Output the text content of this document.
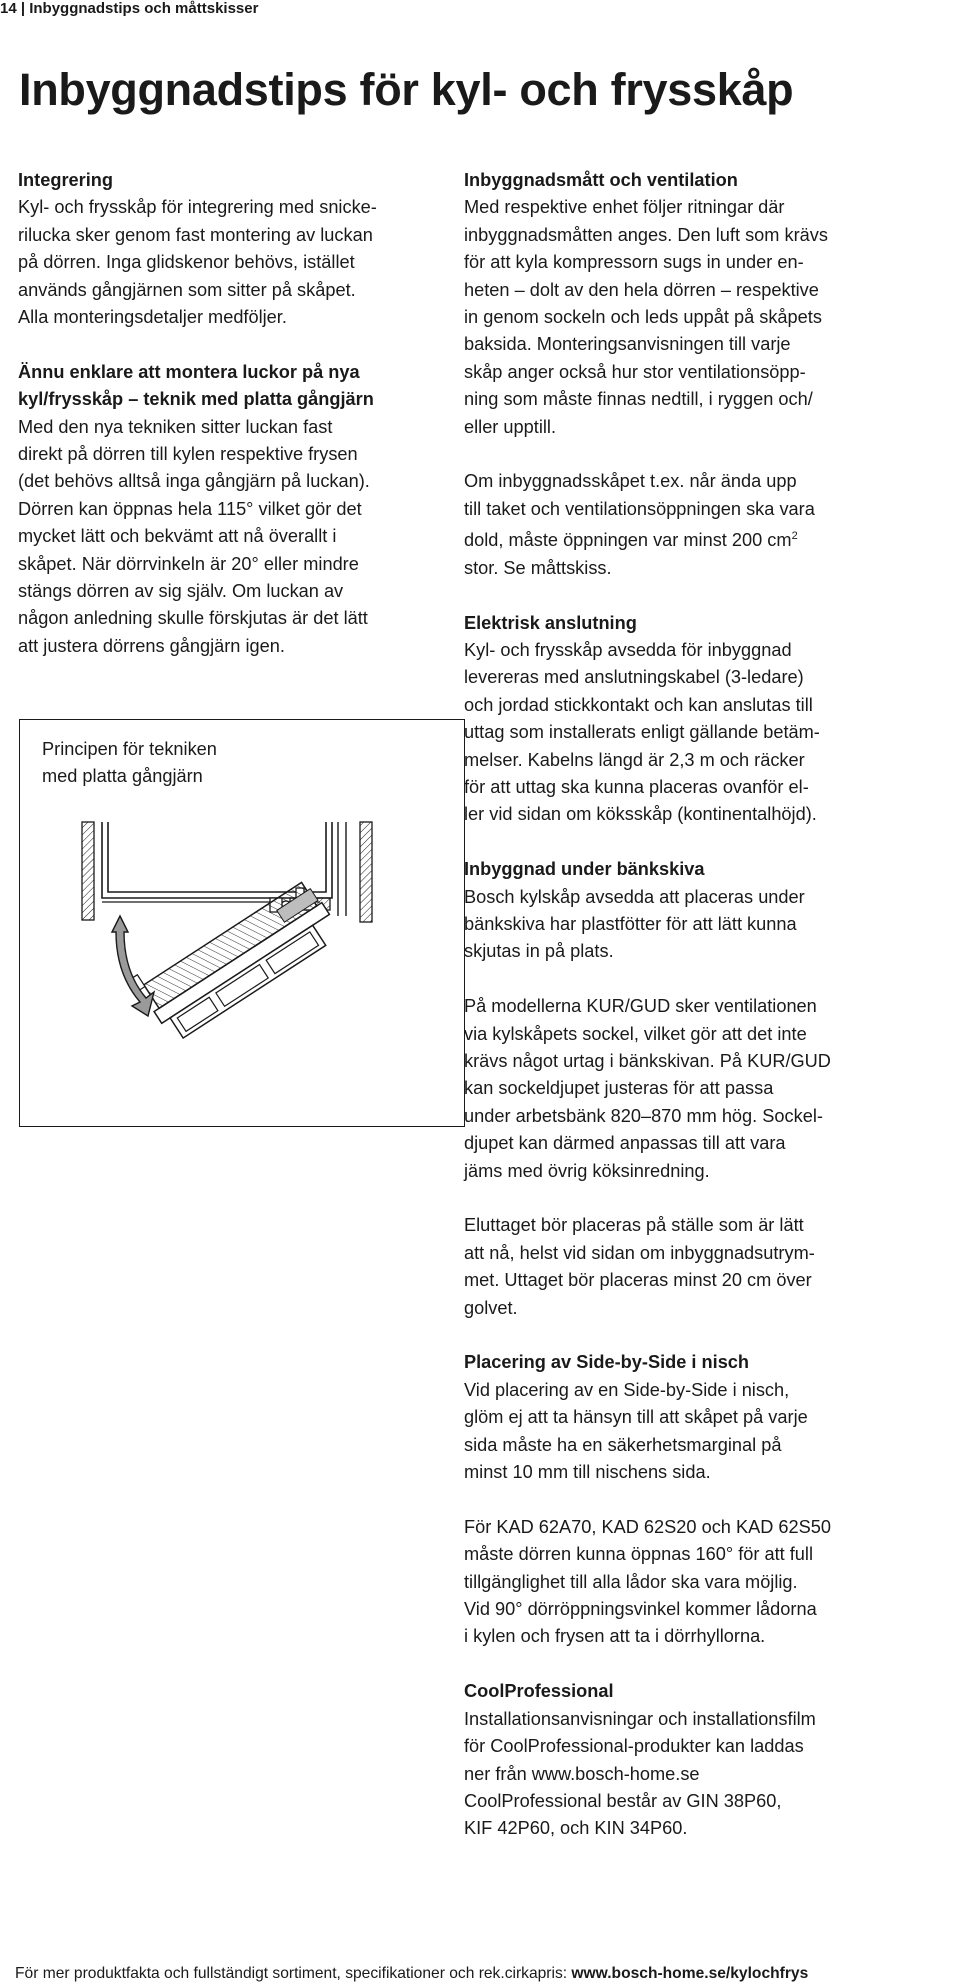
14 | Inbyggnadstips och måttskisser
Inbyggnadstips för kyl- och frysskåp
Integrering

Kyl- och frysskåp för integrering med snicke-
rilucka sker genom fast montering av luckan
på dörren. Inga glidskenor behövs, istället
används gångjärnen som sitter på skåpet.
Alla monteringsdetaljer medföljer.

Ännu enklare att montera luckor på nya
kyl/frysskåp – teknik med platta gångjärn

Med den nya tekniken sitter luckan fast
direkt på dörren till kylen respektive frysen
(det behövs alltså inga gångjärn på luckan).
Dörren kan öppnas hela 115° vilket gör det
mycket lätt och bekvämt att nå överallt i
skåpet. När dörrvinkeln är 20° eller mindre
stängs dörren av sig själv. Om luckan av
någon anledning skulle förskjutas är det lätt
att justera dörrens gångjärn igen.

Principen för tekniken
med platta gångjärn

Inbyggnadsmått och ventilation

Med respektive enhet följer ritningar där
inbyggnadsmåtten anges. Den luft som krävs
för att kyla kompressorn sugs in under en-
heten – dolt av den hela dörren – respektive
in genom sockeln och leds uppåt på skåpets
baksida. Monteringsanvisningen till varje
skåp anger också hur stor ventilationsöpp-
ning som måste finnas nedtill, i ryggen och/
eller upptill.

Om inbyggnadsskåpet t.ex. når ända upp
till taket och ventilationsöppningen ska vara
dold, måste öppningen var minst 200 $cm^2$
stor. Se måttskiss.

Elektrisk anslutning

Kyl- och frysskåp avsedda för inbyggnad
levereras med anslutningskabel (3-ledare)
och jordad stickkontakt och kan anslutas till
uttag som installerats enligt gällande betäm-
melser. Kabelns längd är 2,3 m och räcker
för att uttag ska kunna placeras ovanför el-
ler vid sidan om köksskåp (kontinentalhöjd).

Inbyggnad under bänkskiva

Bosch kylskåp avsedda att placeras under
bänkskiva har plastfötter för att lätt kunna
skjutas in på plats.

På modellerna KUR/GUD sker ventilationen
via kylskåpets sockel, vilket gör att det inte
krävs något urtag i bänkskivan. På KUR/GUD
kan sockeldjupet justeras för att passa
under arbetsbänk 820–870 mm hög. Sockel-
djupet kan därmed anpassas till att vara
jäms med övrig köksinredning.

Eluttaget bör placeras på ställe som är lätt
att nå, helst vid sidan om inbyggnadsutrym-
met. Uttaget bör placeras minst 20 cm över
golvet.

Placering av Side-by-Side i nisch

Vid placering av en Side-by-Side i nisch,
glöm ej att ta hänsyn till att skåpet på varje
sida måste ha en säkerhetsmarginal på
minst 10 mm till nischens sida.

För KAD 62A70, KAD 62S20 och KAD 62S50
måste dörren kunna öppnas 160° för att full
tillgänglighet till alla lådor ska vara möjlig.
Vid 90° dörröppningsvinkel kommer lådorna
i kylen och frysen att ta i dörrhyllorna.

CoolProfessional

Installationsanvisningar och installationsfilm
för CoolProfessional-produkter kan laddas
ner från www.bosch-home.se
CoolProfessional består av GIN 38P60,
KIF 42P60, och KIN 34P60.

För mer produktfakta och fullständigt sortiment, specifikationer och rek.cirkapris: www.bosch-home.se/kylochfrys
